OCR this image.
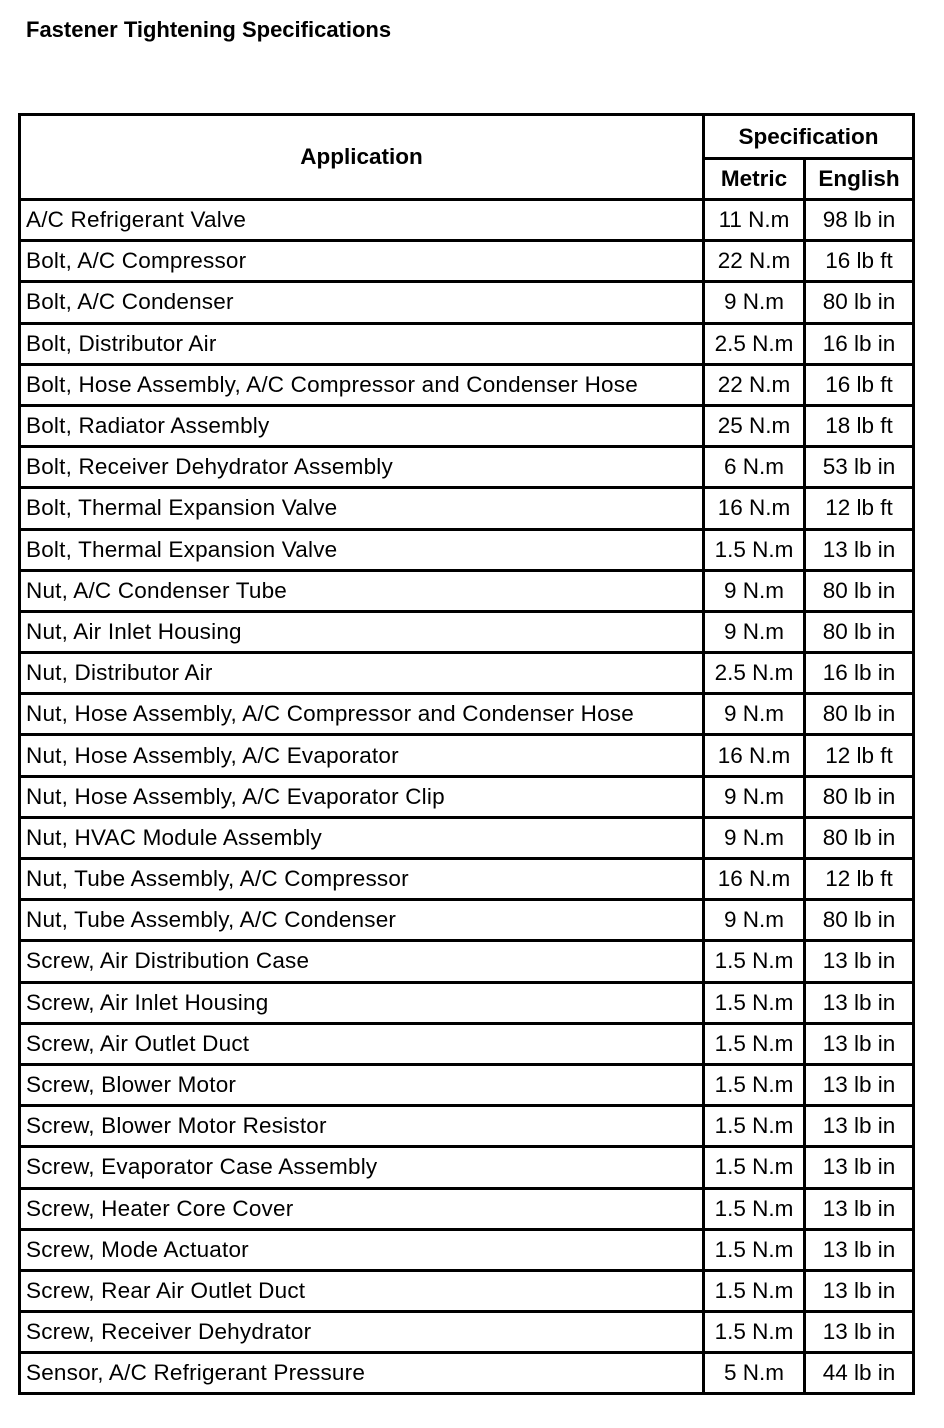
Fastener Tightening Specifications
Application	Specification	
	Metric	English
A/C Refrigerant Valve	11 N.m	98 lb in
Bolt, A/C Compressor	22 N.m	16 lb ft
Bolt, A/C Condenser	9 N.m	80 lb in
Bolt, Distributor Air	2.5 N.m	16 lb in
Bolt, Hose Assembly, A/C Compressor and Condenser Hose	22 N.m	16 lb ft
Bolt, Radiator Assembly	25 N.m	18 lb ft
Bolt, Receiver Dehydrator Assembly	6 N.m	53 lb in
Bolt, Thermal Expansion Valve	16 N.m	12 lb ft
Bolt, Thermal Expansion Valve	1.5 N.m	13 lb in
Nut, A/C Condenser Tube	9 N.m	80 lb in
Nut, Air Inlet Housing	9 N.m	80 lb in
Nut, Distributor Air	2.5 N.m	16 lb in
Nut, Hose Assembly, A/C Compressor and Condenser Hose	9 N.m	80 lb in
Nut, Hose Assembly, A/C Evaporator	16 N.m	12 lb ft
Nut, Hose Assembly, A/C Evaporator Clip	9 N.m	80 lb in
Nut, HVAC Module Assembly	9 N.m	80 lb in
Nut, Tube Assembly, A/C Compressor	16 N.m	12 lb ft
Nut, Tube Assembly, A/C Condenser	9 N.m	80 lb in
Screw, Air Distribution Case	1.5 N.m	13 lb in
Screw, Air Inlet Housing	1.5 N.m	13 lb in
Screw, Air Outlet Duct	1.5 N.m	13 lb in
Screw, Blower Motor	1.5 N.m	13 lb in
Screw, Blower Motor Resistor	1.5 N.m	13 lb in
Screw, Evaporator Case Assembly	1.5 N.m	13 lb in
Screw, Heater Core Cover	1.5 N.m	13 lb in
Screw, Mode Actuator	1.5 N.m	13 lb in
Screw, Rear Air Outlet Duct	1.5 N.m	13 lb in
Screw, Receiver Dehydrator	1.5 N.m	13 lb in
Sensor, A/C Refrigerant Pressure	5 N.m	44 lb in
